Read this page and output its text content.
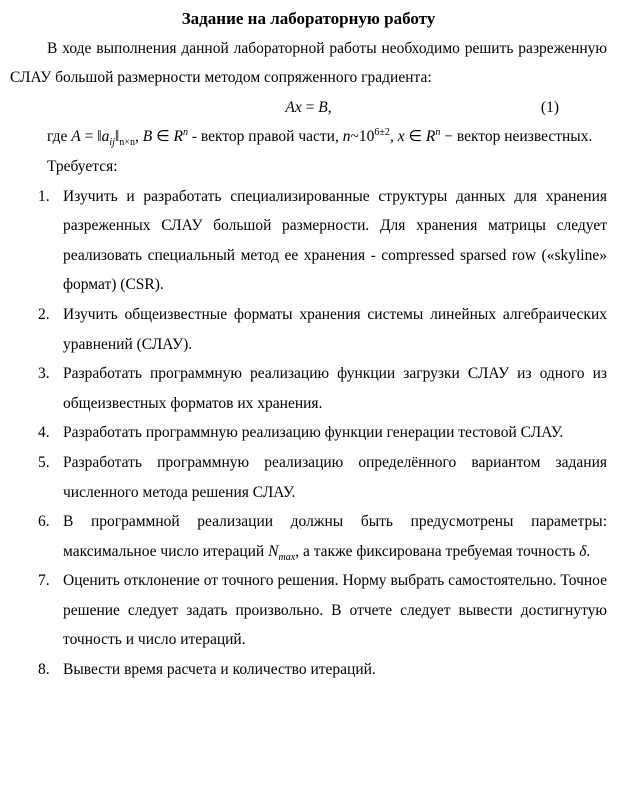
Задание на лабораторную работу

В ходе выполнения данной лабораторной работы необходимо решить разреженную СЛАУ большой размерности методом сопряженного градиента:

Ax = B,	(1)

где $A = ‖a_{ij}‖_{n\times n}$, B ∈ $R^n$ - вектор правой части, $n\sim 10^{6\pm 2}$, x ∈ $R^n$ − вектор неизвестных.

Требуется:

1. Изучить и разработать специализированные структуры данных для хранения разреженных СЛАУ большой размерности. Для хранения матрицы следует реализовать специальный метод ее хранения - compressed sparsed row («skyline» формат) (CSR).
2. Изучить общеизвестные форматы хранения системы линейных алгебраических уравнений (СЛАУ).
3. Разработать программную реализацию функции загрузки СЛАУ из одного из общеизвестных форматов их хранения.
4. Разработать программную реализацию функции генерации тестовой СЛАУ.
5. Разработать программную реализацию определённого вариантом задания численного метода решения СЛАУ.
6. В программной реализации должны быть предусмотрены параметры: максимальное число итераций $N_{max}$, а также фиксирована требуемая точность δ.
7. Оценить отклонение от точного решения. Норму выбрать самостоятельно. Точное решение следует задать произвольно. В отчете следует вывести достигнутую точность и число итераций.
8. Вывести время расчета и количество итераций.
